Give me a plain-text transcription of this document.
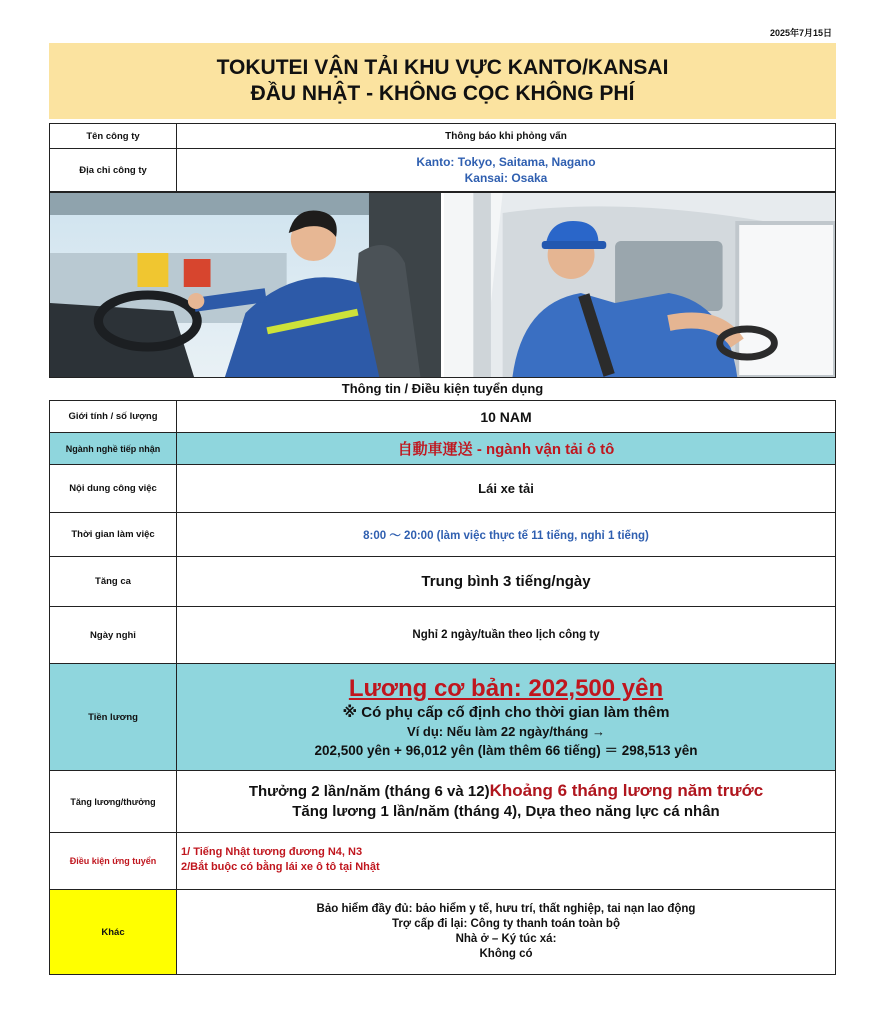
2025年7月15日
TOKUTEI VẬN TẢI KHU VỰC KANTO/KANSAI
ĐẦU NHẬT - KHÔNG CỌC KHÔNG PHÍ
Tên công ty	Thông báo khi phỏng vấn
Địa chỉ công ty	Kanto: Tokyo, Saitama, Nagano
Kansai: Osaka
Thông tin / Điều kiện tuyển dụng
Giới tính / số lượng	10 NAM
Ngành nghề tiếp nhận	自動車運送 - ngành vận tải ô tô
Nội dung công việc	Lái xe tải
Thời gian làm việc	8:00 ～ 20:00 (làm việc thực tế 11 tiếng, nghỉ 1 tiếng)
Tăng ca	Trung bình 3 tiếng/ngày
Ngày nghỉ	Nghỉ 2 ngày/tuần theo lịch công ty
Tiền lương	Lương cơ bản: 202,500 yên
※ Có phụ cấp cố định cho thời gian làm thêm
Ví dụ: Nếu làm 22 ngày/tháng →
202,500 yên + 96,012 yên (làm thêm 66 tiếng) ＝ 298,513 yên

Tăng lương/thưởng	Thưởng 2 lần/năm (tháng 6 và 12)Khoảng 6 tháng lương năm trước
Tăng lương 1 lần/năm (tháng 4), Dựa theo năng lực cá nhân

Điều kiện ứng tuyển	1/ Tiếng Nhật tương đương N4, N3
2/Bắt buộc có bằng lái xe ô tô tại Nhật

Khác	Bảo hiểm đầy đủ: bảo hiểm y tế, hưu trí, thất nghiệp, tai nạn lao động
Trợ cấp đi lại: Công ty thanh toán toàn bộ
Nhà ở – Ký túc xá:
Không có
